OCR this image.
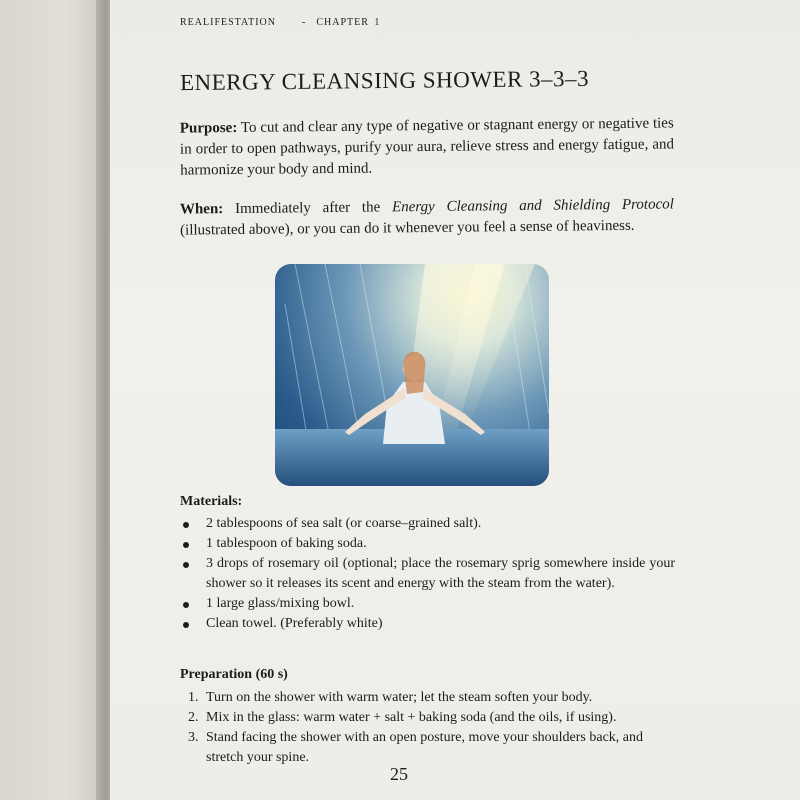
REALIFESTATION	- CHAPTER 1
ENERGY CLEANSING SHOWER 3–3–3
Purpose: To cut and clear any type of negative or stagnant energy or negative ties in order to open pathways, purify your aura, relieve stress and energy fatigue, and harmonize your body and mind.
When: Immediately after the Energy Cleansing and Shielding Protocol (illustrated above), or you can do it whenever you feel a sense of heaviness.
Materials:
2 tablespoons of sea salt (or coarse–grained salt).
1 tablespoon of baking soda.
3 drops of rosemary oil (optional; place the rosemary sprig somewhere inside your shower so it releases its scent and energy with the steam from the water).
1 large glass/mixing bowl.
Clean towel. (Preferably white)
Preparation (60 s)
1. Turn on the shower with warm water; let the steam soften your body.
2. Mix in the glass: warm water + salt + baking soda (and the oils, if using).
3. Stand facing the shower with an open posture, move your shoulders back, and stretch your spine.
25
